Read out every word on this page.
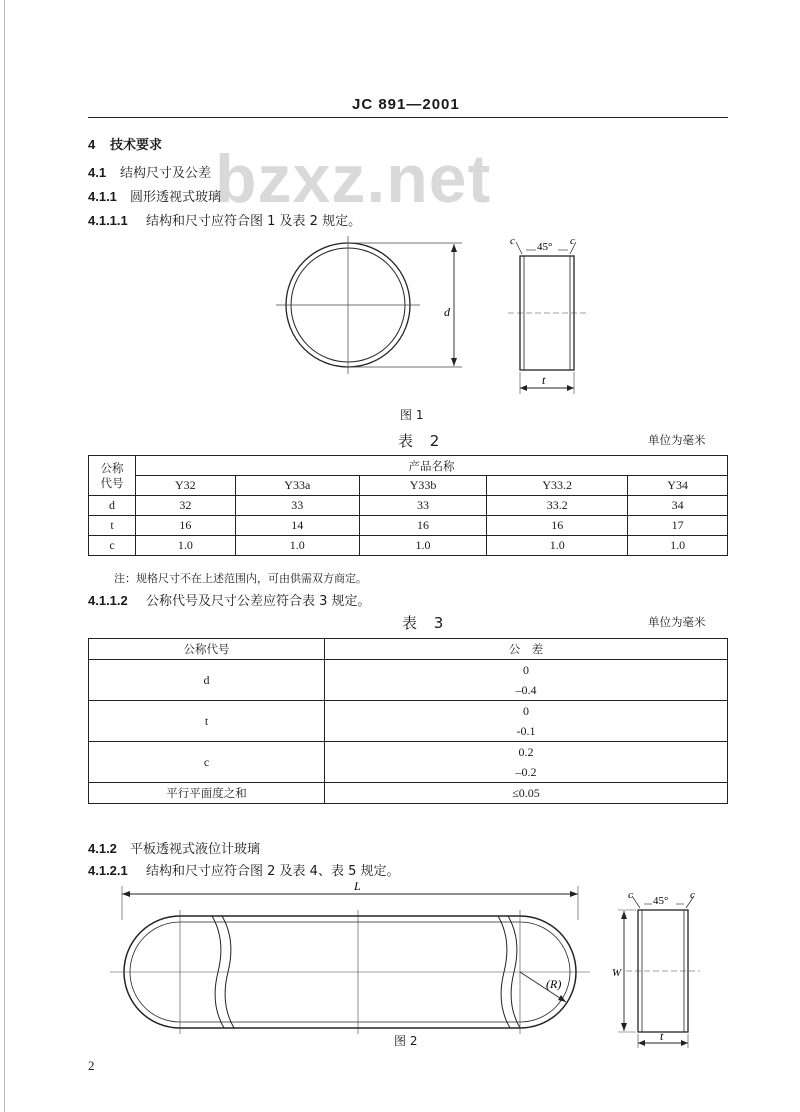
JC 891—2001
bzxz.net
4 技术要求
4.1 结构尺寸及公差
4.1.1 圆形透视式玻璃
4.1.1.1 结构和尺寸应符合图 1 及表 2 规定。
d
c 45° c
t
图 1
表 2	单位为毫米
公称
代号	产品名称				
	Y32	Y33a	Y33b	Y33.2	Y34
d	32	33	33	33.2	34
t	16	14	16	16	17
c	1.0	1.0	1.0	1.0	1.0
注：规格尺寸不在上述范围内，可由供需双方商定。
4.1.1.2 公称代号及尺寸公差应符合表 3 规定。
表 3	单位为毫米
公称代号	公　差
d	0
	–0.4
t	0
	-0.1
c	0.2
	–0.2
平行平面度之和	≤0.05
4.1.2 平板透视式液位计玻璃
4.1.2.1 结构和尺寸应符合图 2 及表 4、表 5 规定。
L
(R)
c 45° c
W
t
图 2
2
